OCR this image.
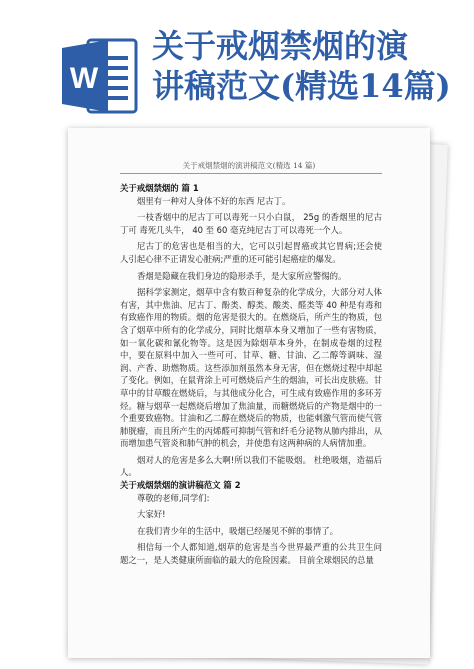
W
关于戒烟禁烟的演
讲稿范文(精选14篇)
关于戒烟禁烟的演讲稿范文(精选 14 篇)

关于戒烟禁烟的 篇 1

烟里有一种对人身体不好的东西 尼古丁。

一枝香烟中的尼古丁可以毒死一只小白鼠， 25g 的香烟里的尼古丁可 毒死几头牛， 40 至 60 毫克纯尼古丁可以毒死一个人。

尼古丁的危害也是相当的大，它可以引起胃癌或其它胃病;还会使人引起心律不正请发心脏病;严重的还可能引起癌症的爆发。

香烟是隐藏在我们身边的隐形杀手，是大家所应警惕的。

据科学家测定，烟草中含有数百种复杂的化学成分，大部分对人体有害，其中焦油、尼古丁、酚类、醇类、酸类、醛类等 40 种是有毒和有致癌作用的物质。烟的危害是很大的。在燃烧后，所产生的物质，包含了烟草中所有的化学成分，同时比烟草本身又增加了一些有害物质，如一氧化碳和氰化物等。这是因为除烟草本身外，在制成卷烟的过程中，要在原料中加入一些可可、甘草、糖、甘油、乙二醇等调味、湿润、产香、助燃物质。这些添加剂虽然本身无害，但在燃烧过程中却起了变化。例如，在鼠背涂上可可燃烧后产生的烟油，可长出皮肤癌。甘草中的甘草酸在燃烧后，与其他成分化合，可生成有致癌作用的多环芳烃。糖与烟草一起燃烧后增加了焦油量，而糖燃烧后的产物是烟中的一个重要致癌物。甘油和乙二醇在燃烧后的物质，也能刺激气管而使气管肺胱瘤，而且所产生的丙烯醛可抑制气管和纤毛分泌物从肺内排出，从而增加患气管炎和肺气肿的机会，并使患有这两种病的人病情加重。

烟对人的危害是多么大啊!所以我们不能吸烟。 杜绝吸烟，造福后人。

关于戒烟禁烟的演讲稿范文 篇 2

尊敬的老师,同学们:

大家好!

在我们青少年的生活中，吸烟已经屡见不鲜的事情了。

相信每一个人都知道,烟草的危害是当今世界最严重的公共卫生问题之一，是人类健康所面临的最大的危险因素。 目前全球烟民的总量
